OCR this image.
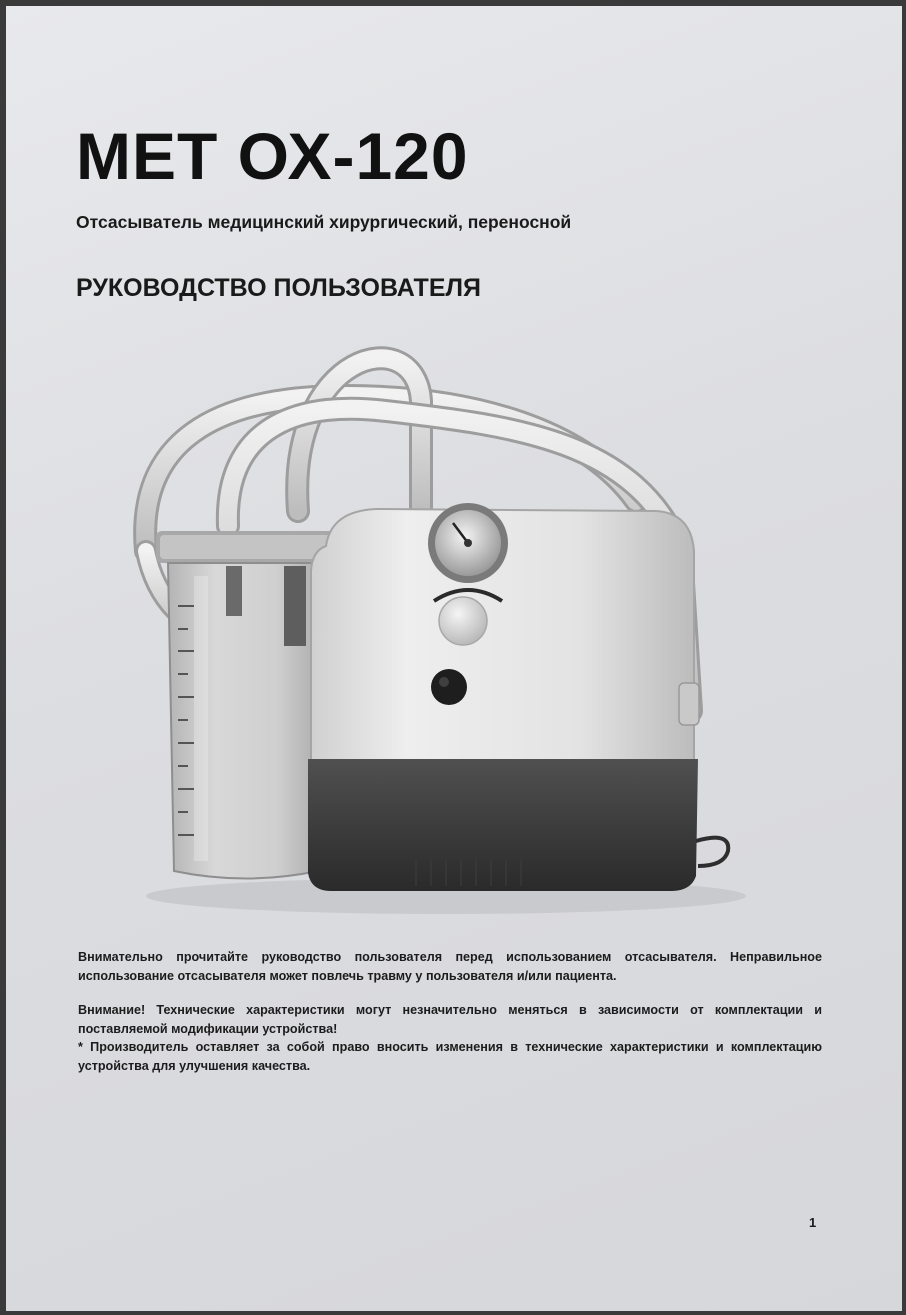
МЕТ ОХ-120

Отсасыватель медицинский хирургический, переносной

РУКОВОДСТВО ПОЛЬЗОВАТЕЛЯ

Внимательно прочитайте руководство пользователя перед использованием отсасывателя. Неправильное использование отсасывателя может повлечь травму у пользователя и/или пациента.

Внимание! Технические характеристики могут незначительно меняться в зависимости от комплектации и поставляемой модификации устройства!

* Производитель оставляет за собой право вносить изменения в технические характеристики и комплектацию устройства для улучшения качества.

1
